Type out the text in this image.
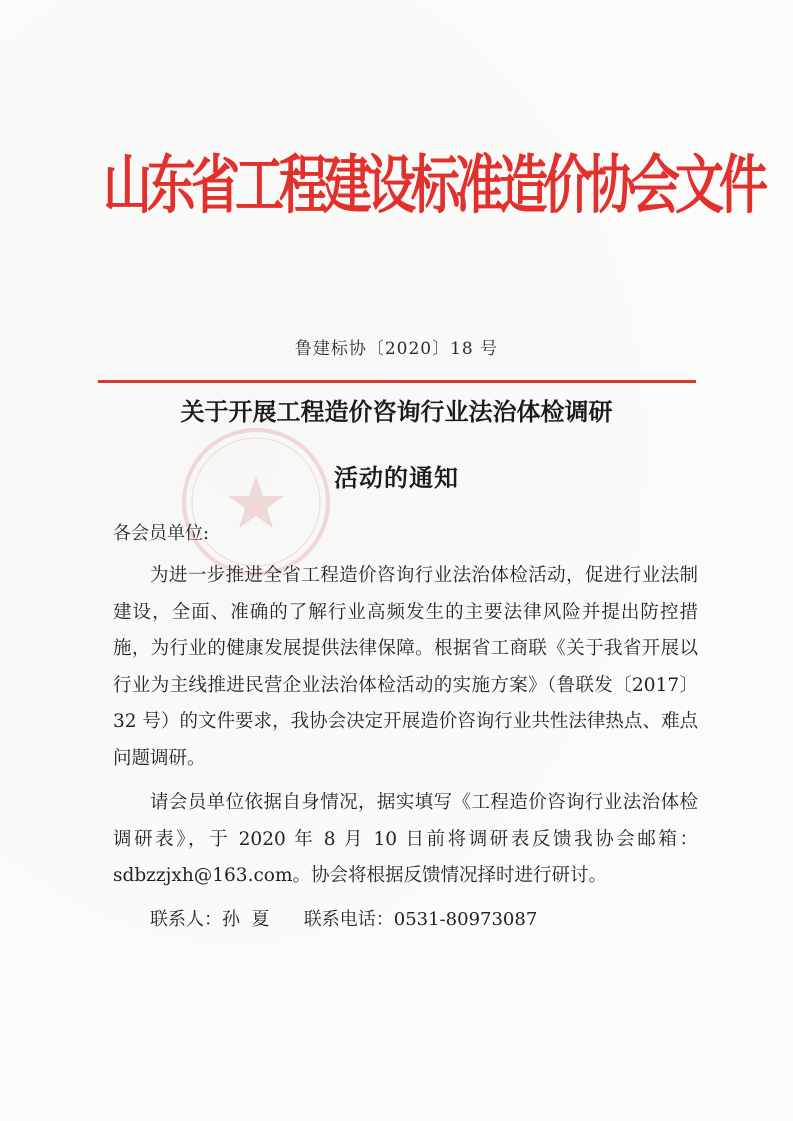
山东省工程建设标准造价协会文件
鲁建标协〔2020〕18 号
关于开展工程造价咨询行业法治体检调研
活动的通知
各会员单位:

为进一步推进全省工程造价咨询行业法治体检活动，促进行业法制建设，全面、准确的了解行业高频发生的主要法律风险并提出防控措施，为行业的健康发展提供法律保障。根据省工商联《关于我省开展以行业为主线推进民营企业法治体检活动的实施方案》（鲁联发〔2017〕32 号）的文件要求，我协会决定开展造价咨询行业共性法律热点、难点问题调研。

请会员单位依据自身情况，据实填写《工程造价咨询行业法治体检调研表》，于 2020 年 8 月 10 日前将调研表反馈我协会邮箱：sdbzzjxh@163.com。协会将根据反馈情况择时进行研讨。

联系人：孙  夏      联系电话：0531-80973087
